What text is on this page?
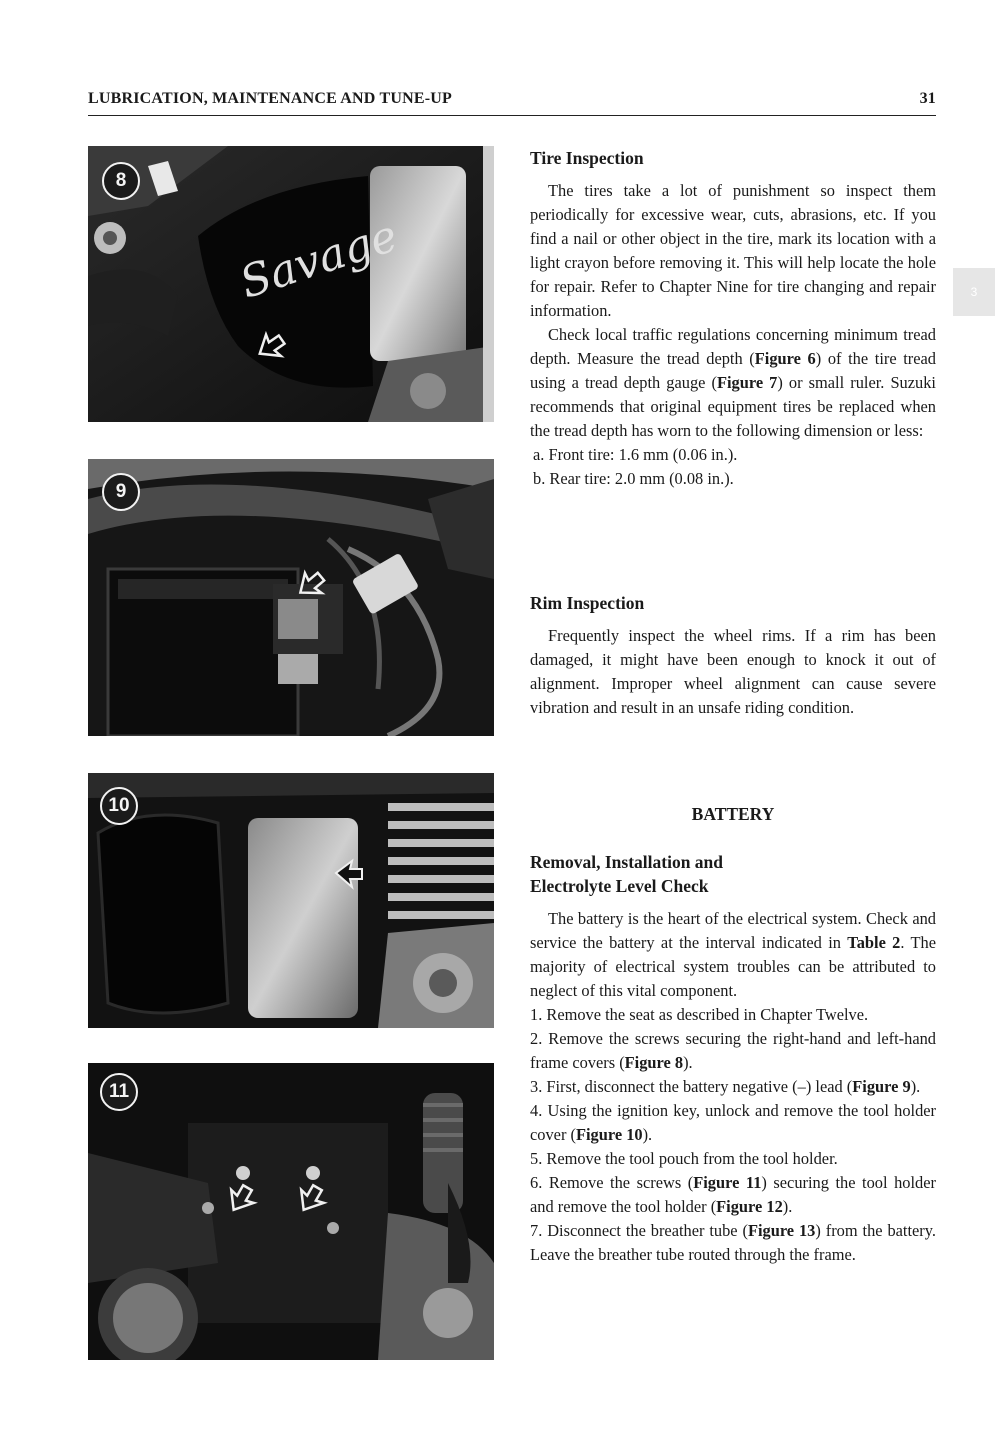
LUBRICATION, MAINTENANCE AND TUNE-UP	31
3
8
Savage
9
10
11
Tire Inspection

The tires take a lot of punishment so inspect them periodically for excessive wear, cuts, abrasions, etc. If you find a nail or other object in the tire, mark its location with a light crayon before removing it. This will help locate the hole for repair. Refer to Chapter Nine for tire changing and repair information.

Check local traffic regulations concerning minimum tread depth. Measure the tread depth (Figure 6) of the tire tread using a tread depth gauge (Figure 7) or small ruler. Suzuki recommends that original equipment tires be replaced when the tread depth has worn to the following dimension or less:

a. Front tire: 1.6 mm (0.06 in.).

b. Rear tire: 2.0 mm (0.08 in.).

Rim Inspection

Frequently inspect the wheel rims. If a rim has been damaged, it might have been enough to knock it out of alignment. Improper wheel alignment can cause severe vibration and result in an unsafe riding condition.

BATTERY
Removal, Installation and
Electrolyte Level Check

The battery is the heart of the electrical system. Check and service the battery at the interval indicated in Table 2. The majority of electrical system troubles can be attributed to neglect of this vital component.

1. Remove the seat as described in Chapter Twelve.

2. Remove the screws securing the right-hand and left-hand frame covers (Figure 8).

3. First, disconnect the battery negative (–) lead (Figure 9).

4. Using the ignition key, unlock and remove the tool holder cover (Figure 10).

5. Remove the tool pouch from the tool holder.

6. Remove the screws (Figure 11) securing the tool holder and remove the tool holder (Figure 12).

7. Disconnect the breather tube (Figure 13) from the battery. Leave the breather tube routed through the frame.
